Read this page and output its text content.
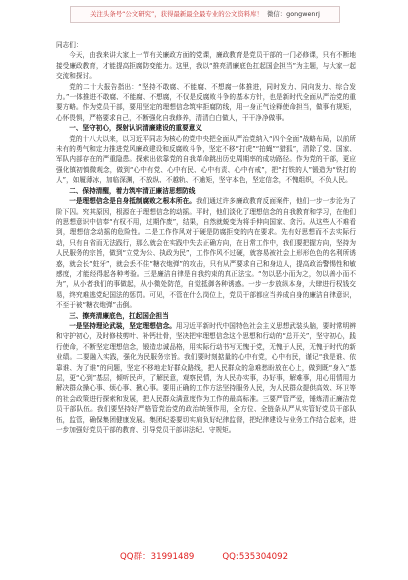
关注头条号“公文研究”，获得最新最全最专业的公文资料库！ 微信：gongwenrj

同志们：

今天，由我来讲大家上一节有关廉政方面的党课，廉政教育是党员干部的一门必修课，只有不断地接受廉政教育，才能提高拒腐防变能力。这里，我以“推亮清廉底色扛起国企担当”为主题，与大家一起交流和探讨。

党的二十大报告指出：“坚持不敢腐、不能腐、不想腐一体推进，同时发力、同向发力、综合发力。”一体推进不敢腐、不能腐、不想腐，不仅是反腐败斗争的基本方针，也是新时代全面从严治党的重要方略。作为党员干部，要用坚定的理想信念筑牢拒腐防线，用一身正气诠释使命担当，做事有规矩，心怀畏惧，严格要求自己，不断强化自我修养，清清白白做人，干干净净做事。

一、坚守初心，探射认识清廉建设的重要意义

党的十八大以来，以习近平同志为核心的党中央把全面从严治党纳入“四个全面”战略布局，以前所未有的勇气和定力推进党风廉政建设和反腐败斗争，坚定不移“打虎”“拍蝇”“猎狐”，清除了党、国家、军队内部存在的严重隐患。探索出依靠党的自我革命跳出历史周期率的成功路径。作为党的干部，更应强化镇初慎微观念，做到“心中有党、心中有民、心中有责、心中有戒”，把“打铁的人”锻造为“铁打的人”，如履薄冰，加临深渊，不放纵、不越轨、不逾矩，坚守本色，坚定信念，不愧组织，不负人民。

二、保持清醒，着力筑牢清正廉洁思想防线

一是理想信念是自身抵制腐败之根本所在。我们通过许多廉政教育反面案件，他们一步一步沦为了阶下囚。究其原因，根源在于理想信念的动摇。平时，他们淡化了理想信念的自我教育和学习，在他们的思想意识中信奉“有权不用，过期作废”，结果，自然就蜕变为将手伸向国家、贪污。从这些人不难看到，理想信念动摇的危险性。二是工作作风对于硬是防腐拒变的内在要求。先有好思想而不去实际行动，只有自省而无法践行，那么就会在实践中失去正确方向，在日常工作中，我们要把握方向，坚持为人民服务的宗旨，做到“立党为公、执政为民”，工作作风不过硬，就容易被社会上形形色色的名利所诱惑，就会长“蛀牙”，就会丢不住“糖衣炮弹”的攻击，只有从严要求自己和身边人，提高政治警惕性和敏感度，才能经得起各种考验。三是廉洁自律是自我约束的真正法宝。“勿以恶小而为之，勿以善小而不为”，从小者我们的事做起，从小微处防范，自觉抵御各种诱惑。一步一步放纵本身，大肆进行权钱交易，终究难逃党纪国法的惩罚。可见，不管在什么岗位上，党员干部都应当养成自身的廉洁自律意识，不至于被“糖衣炮弹”击倒。

三、擦亮清廉底色，扛起国企担当

一是坚持理论武装，坚定理想信念。用习近平新时代中国特色社会主义思想武装头脑，要时常明辨和守护初心，及时修枝剪叶、补钙壮骨，坚决把牢理想信念这个思想和行动的“总开关”，坚守初心，践行使命，不断坚定理想信念，锻造忠诚品格，用实际行动书写无愧于党，无愧于人民，无愧于时代的新业绩。二要融入实践，强化为民服务宗旨。我们要时刻掂量的心中有党，心中有民，谨记“我是谁、依靠谁、为了谁”的问题，坚定不移地走好群众路线，把人民群众的急难愁盼放在心上，做到既“身入”基层，更“心到”基层，倾听民声，了解民意，观察民情，为人民办实事，办好事，解难事，用心用情用力解决群众操心事、烦心事、揪心事。要用正确的工作方法坚持服务人民，为人民群众提供高效、环卫等的社会政策进行探索和发展，把人民群众满意度作为工作的最高标准。三要严管严爱，锤炼清正廉洁党员干部队伍。我们要坚持好严格管党治党的政治统领作用，全方位、全链条从严从实管好党员干部队伍，监管，确保集团健康发展。集团纪委要切实肩负好纪律监督，把纪律建设与业务工作结合起来，进一步加强好党员干部的教育、引导党员干部讲法纪、守规矩。

QQ群：31991489	QQ:535304092
